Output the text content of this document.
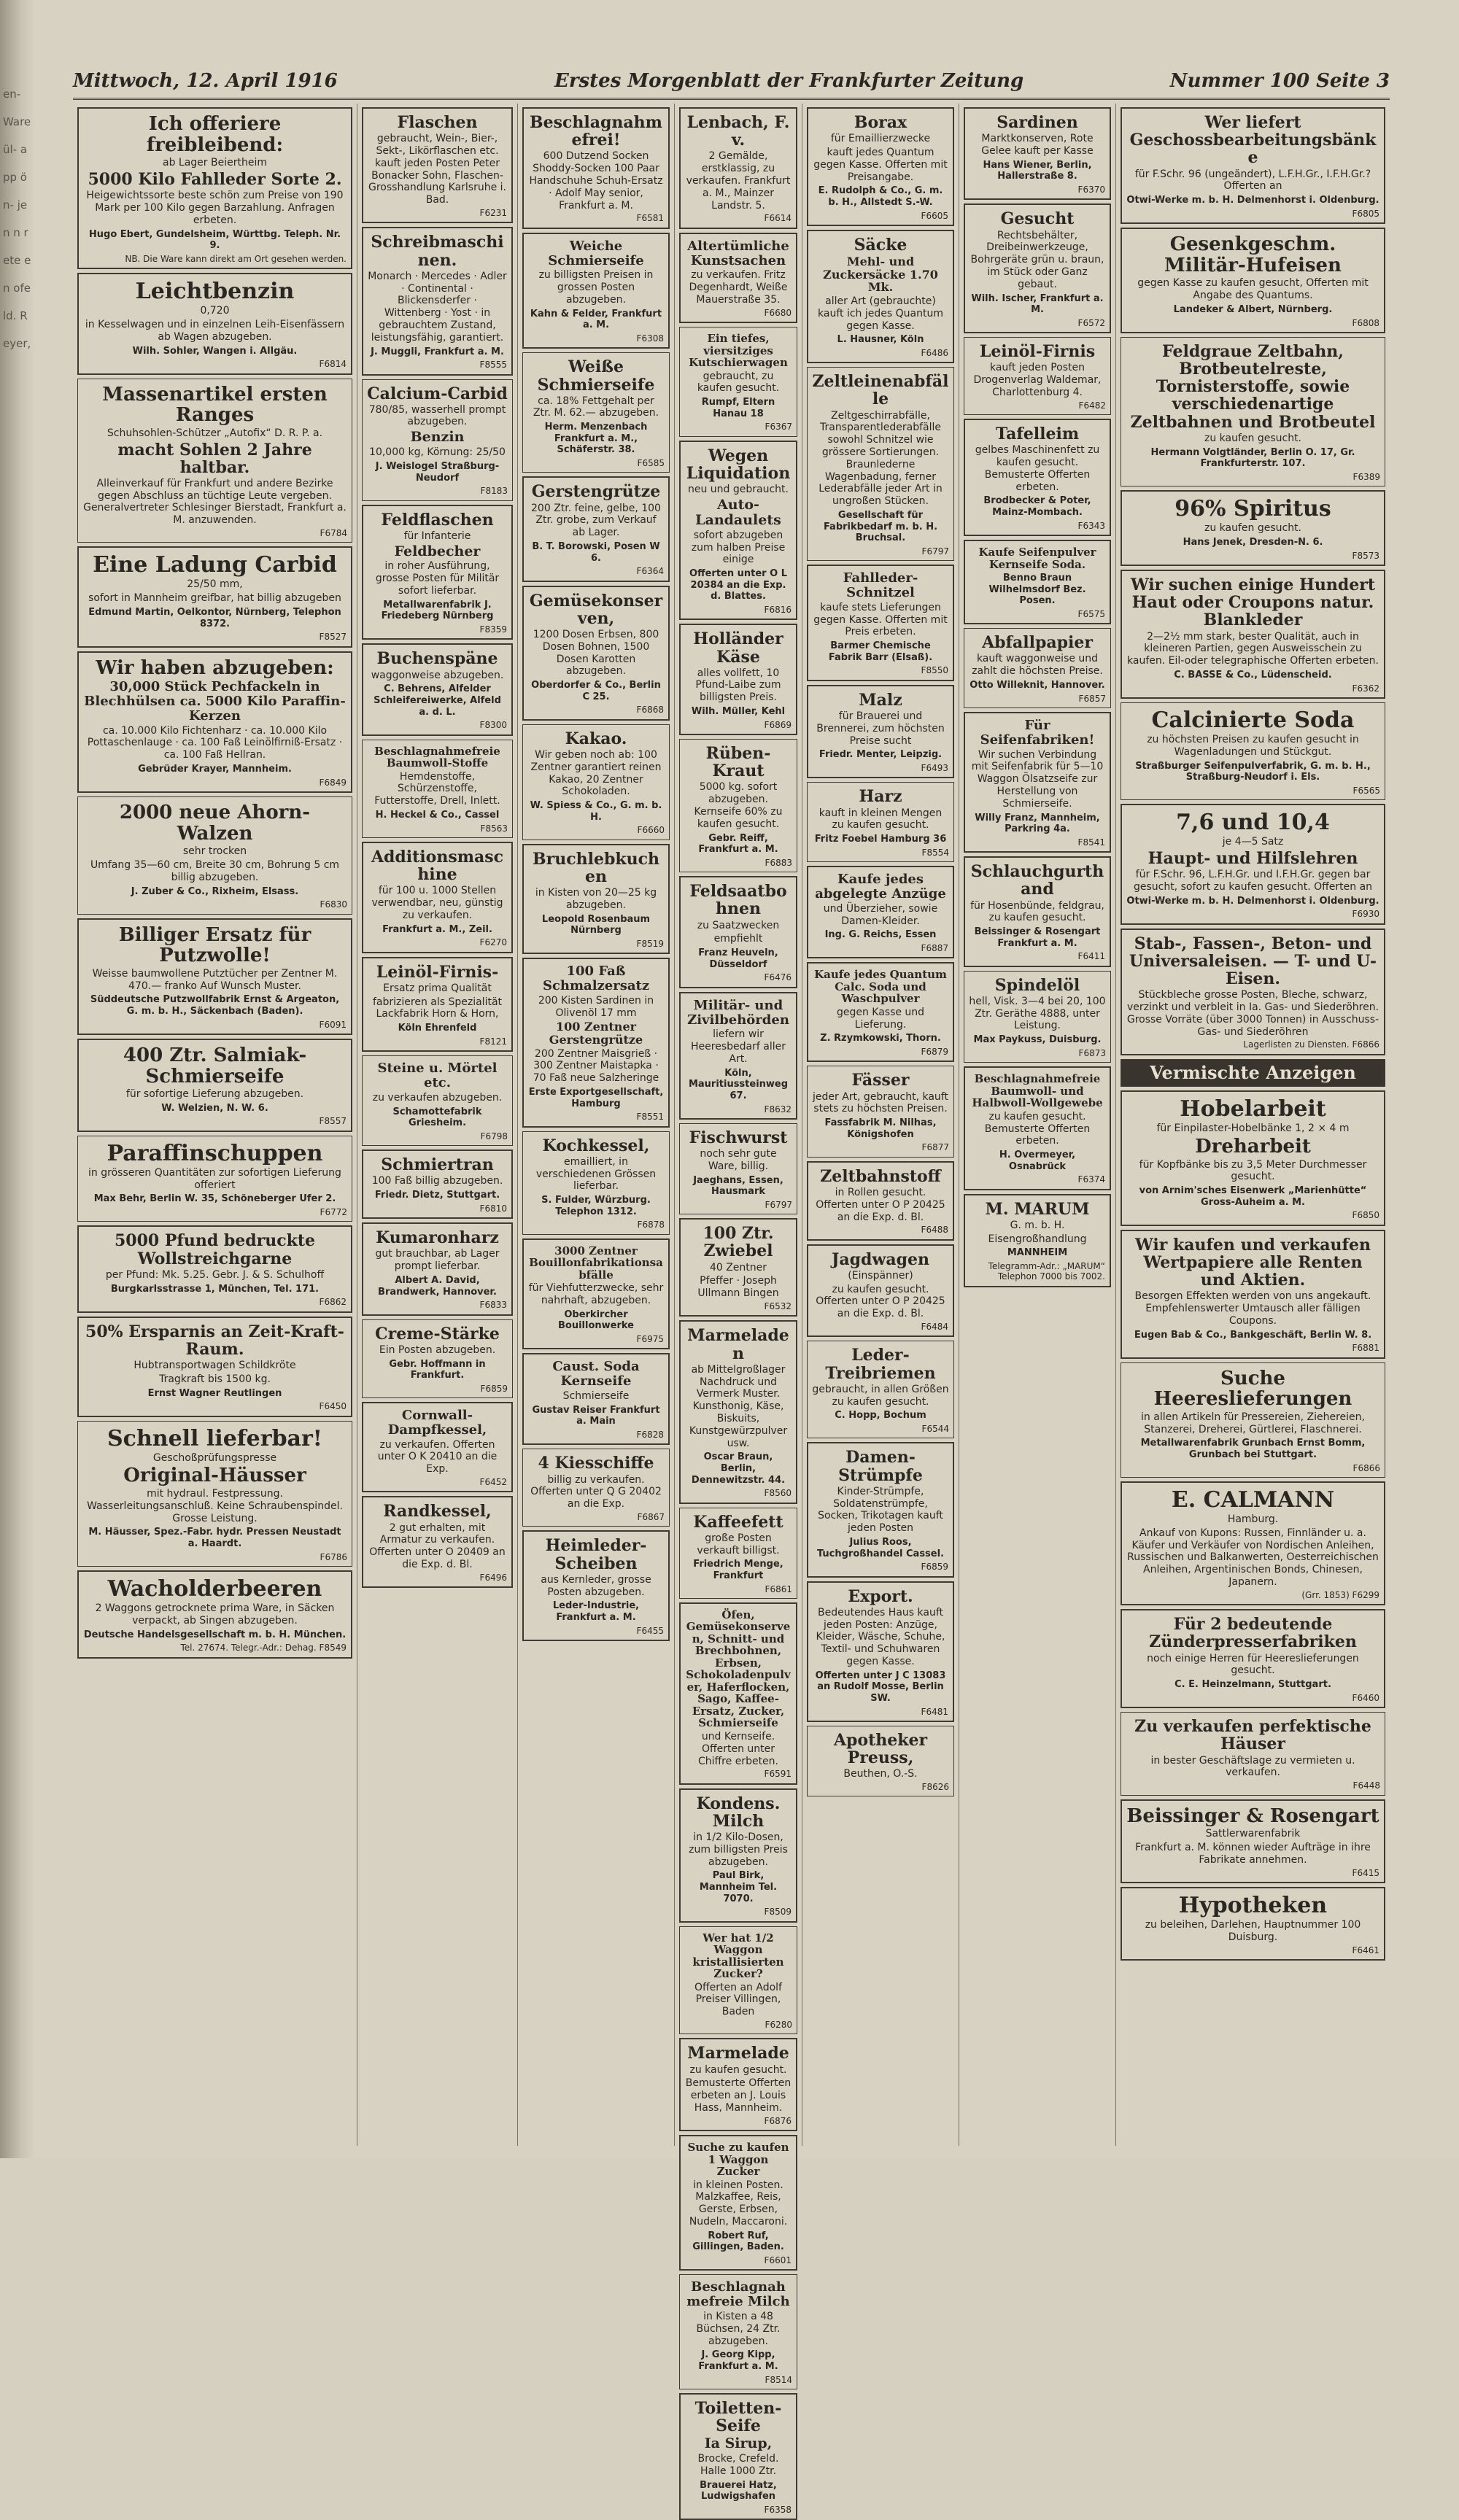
en- Ware ül- app ön- jen n rete en ofeld. R eyer,
Mittwoch, 12. April 1916	Erstes Morgenblatt der Frankfurter Zeitung	Nummer 100 Seite 3
Ich offeriere freibleibend:
ab Lager Beiertheim
5000 Kilo Fahlleder Sorte 2.
Heigewichtssorte beste schön zum Preise von 190 Mark per 100 Kilo gegen Barzahlung. Anfragen erbeten.
Hugo Ebert, Gundelsheim, Württbg. Teleph. Nr. 9.
NB. Die Ware kann direkt am Ort gesehen werden.
Leichtbenzin
0,720
in Kesselwagen und in einzelnen Leih-Eisenfässern ab Wagen abzugeben.
Wilh. Sohler, Wangen i. Allgäu.
F6814
Massenartikel ersten Ranges
Schuhsohlen-Schützer „Autofix“ D. R. P. a.
macht Sohlen 2 Jahre haltbar.
Alleinverkauf für Frankfurt und andere Bezirke gegen Abschluss an tüchtige Leute vergeben. Generalvertreter Schlesinger Bierstadt, Frankfurt a. M. anzuwenden.
F6784
Eine Ladung Carbid
25/50 mm,
sofort in Mannheim greifbar, hat billig abzugeben
Edmund Martin, Oelkontor, Nürnberg, Telephon 8372.
F8527
Wir haben abzugeben:
30,000 Stück Pechfackeln in Blechhülsen ca. 5000 Kilo Paraffin-Kerzen
ca. 10.000 Kilo Fichtenharz · ca. 10.000 Kilo Pottaschenlauge · ca. 100 Faß Leinölfirniß-Ersatz · ca. 100 Faß Hellran.
Gebrüder Krayer, Mannheim.
F6849
2000 neue Ahorn-Walzen
sehr trocken
Umfang 35—60 cm, Breite 30 cm, Bohrung 5 cm billig abzugeben.
J. Zuber & Co., Rixheim, Elsass.
F6830
Billiger Ersatz für Putzwolle!
Weisse baumwollene Putztücher per Zentner M. 470.— franko Auf Wunsch Muster.
Süddeutsche Putzwollfabrik Ernst & Argeaton, G. m. b. H., Säckenbach (Baden).
F6091
400 Ztr. Salmiak-Schmierseife
für sofortige Lieferung abzugeben.
W. Welzien, N. W. 6.
F8557
Paraffinschuppen
in grösseren Quantitäten zur sofortigen Lieferung offeriert
Max Behr, Berlin W. 35, Schöneberger Ufer 2.
F6772
5000 Pfund bedruckte Wollstreichgarne
per Pfund: Mk. 5.25. Gebr. J. & S. Schulhoff
Burgkarlsstrasse 1, München, Tel. 171.
F6862
50% Ersparnis an Zeit-Kraft-Raum.
Hubtransportwagen Schildkröte
Tragkraft bis 1500 kg.
Ernst Wagner Reutlingen
F6450
Schnell lieferbar!
Geschoßprüfungspresse
Original-Häusser
mit hydraul. Festpressung. Wasserleitungsanschluß. Keine Schraubenspindel. Grosse Leistung.
M. Häusser, Spez.-Fabr. hydr. Pressen Neustadt a. Haardt.
F6786
Wacholderbeeren
2 Waggons getrocknete prima Ware, in Säcken verpackt, ab Singen abzugeben.
Deutsche Handelsgesellschaft m. b. H. München.
Tel. 27674. Telegr.-Adr.: Dehag. F8549
Flaschen
gebraucht, Wein-, Bier-, Sekt-, Likörflaschen etc. kauft jeden Posten Peter Bonacker Sohn, Flaschen-Grosshandlung Karlsruhe i. Bad.
F6231
Schreibmaschinen.
Monarch · Mercedes · Adler · Continental · Blickensderfer · Wittenberg · Yost · in gebrauchtem Zustand, leistungsfähig, garantiert.
J. Muggli, Frankfurt a. M.
F8555
Calcium-Carbid
780/85, wasserhell prompt abzugeben.
Benzin
10,000 kg, Körnung: 25/50
J. Weislogel Straßburg-Neudorf
F8183
Feldflaschen
für Infanterie
Feldbecher
in roher Ausführung, grosse Posten für Militär sofort lieferbar.
Metallwarenfabrik J. Friedeberg Nürnberg
F8359
Buchenspäne
waggonweise abzugeben.
C. Behrens, Alfelder Schleifereiwerke, Alfeld a. d. L.
F8300
Beschlagnahmefreie Baumwoll-Stoffe
Hemdenstoffe, Schürzenstoffe, Futterstoffe, Drell, Inlett.
H. Heckel & Co., Cassel
F8563
Additionsmaschine
für 100 u. 1000 Stellen verwendbar, neu, günstig zu verkaufen.
Frankfurt a. M., Zeil.
F6270
Leinöl-Firnis-
Ersatz prima Qualität
fabrizieren als Spezialität Lackfabrik Horn & Horn,
Köln Ehrenfeld
F8121
Steine u. Mörtel etc.
zu verkaufen abzugeben.
Schamottefabrik Griesheim.
F6798
Schmiertran
100 Faß billig abzugeben.
Friedr. Dietz, Stuttgart.
F6810
Kumaronharz
gut brauchbar, ab Lager prompt lieferbar.
Albert A. David, Brandwerk, Hannover.
F6833
Creme-Stärke
Ein Posten abzugeben.
Gebr. Hoffmann in Frankfurt.
F6859
Cornwall-Dampfkessel,
zu verkaufen. Offerten unter O K 20410 an die Exp.
F6452
Randkessel,
2 gut erhalten, mit Armatur zu verkaufen. Offerten unter O 20409 an die Exp. d. Bl.
F6496
Beschlagnahmefrei!
600 Dutzend Socken Shoddy-Socken 100 Paar Handschuhe Schuh-Ersatz · Adolf May senior, Frankfurt a. M.
F6581
Weiche Schmierseife
zu billigsten Preisen in grossen Posten abzugeben.
Kahn & Felder, Frankfurt a. M.
F6308
Weiße Schmierseife
ca. 18% Fettgehalt per Ztr. M. 62.— abzugeben.
Herm. Menzenbach Frankfurt a. M., Schäferstr. 38.
F6585
Gerstengrütze
200 Ztr. feine, gelbe, 100 Ztr. grobe, zum Verkauf ab Lager.
B. T. Borowski, Posen W 6.
F6364
Gemüsekonserven,
1200 Dosen Erbsen, 800 Dosen Bohnen, 1500 Dosen Karotten abzugeben.
Oberdorfer & Co., Berlin C 25.
F6868
Kakao.
Wir geben noch ab: 100 Zentner garantiert reinen Kakao, 20 Zentner Schokoladen.
W. Spiess & Co., G. m. b. H.
F6660
Bruchlebkuchen
in Kisten von 20—25 kg abzugeben.
Leopold Rosenbaum Nürnberg
F8519
100 Faß Schmalzersatz
200 Kisten Sardinen in Olivenöl 17 mm
100 Zentner Gerstengrütze
200 Zentner Maisgrieß · 300 Zentner Maistapka · 70 Faß neue Salzheringe
Erste Exportgesellschaft, Hamburg
F8551
Kochkessel,
emailliert, in verschiedenen Grössen lieferbar.
S. Fulder, Würzburg. Telephon 1312.
F6878
3000 Zentner Bouillonfabrikationsabfälle
für Viehfutterzwecke, sehr nahrhaft, abzugeben.
Oberkircher Bouillonwerke
F6975
Caust. Soda Kernseife
Schmierseife
Gustav Reiser Frankfurt a. Main
F6828
4 Kiesschiffe
billig zu verkaufen. Offerten unter Q G 20402 an die Exp.
F6867
Heimleder-Scheiben
aus Kernleder, grosse Posten abzugeben.
Leder-Industrie, Frankfurt a. M.
F6455
Lenbach, F. v.
2 Gemälde, erstklassig, zu verkaufen. Frankfurt a. M., Mainzer Landstr. 5.
F6614
Altertümliche Kunstsachen
zu verkaufen. Fritz Degenhardt, Weiße Mauerstraße 35.
F6680
Ein tiefes, viersitziges Kutschierwagen
gebraucht, zu kaufen gesucht.
Rumpf, Eltern Hanau 18
F6367
Wegen Liquidation
neu und gebraucht.
Auto-Landaulets
sofort abzugeben zum halben Preise einige
Offerten unter O L 20384 an die Exp. d. Blattes.
F6816
Holländer Käse
alles vollfett, 10 Pfund-Laibe zum billigsten Preis.
Wilh. Müller, Kehl
F6869
Rüben-Kraut
5000 kg. sofort abzugeben. Kernseife 60% zu kaufen gesucht.
Gebr. Reiff, Frankfurt a. M.
F6883
Feldsaatbohnen
zu Saatzwecken
empfiehlt
Franz Heuveln, Düsseldorf
F6476
Militär- und Zivilbehörden
liefern wir Heeresbedarf aller Art.
Köln, Mauritiussteinweg 67.
F8632
Fischwurst
noch sehr gute Ware, billig.
Jaeghans, Essen, Hausmark
F6797
100 Ztr. Zwiebel
40 Zentner
Pfeffer · Joseph Ullmann Bingen
F6532
Marmeladen
ab Mittelgroßlager Nachdruck und Vermerk Muster. Kunsthonig, Käse, Biskuits, Kunstgewürzpulver usw.
Oscar Braun, Berlin, Dennewitzstr. 44.
F8560
Kaffeefett
große Posten verkauft billigst.
Friedrich Menge, Frankfurt
F6861
Öfen, Gemüsekonserven, Schnitt- und Brechbohnen, Erbsen, Schokoladenpulver, Haferflocken, Sago, Kaffee-Ersatz, Zucker, Schmierseife
und Kernseife. Offerten unter Chiffre erbeten.
F6591
Kondens. Milch
in 1/2 Kilo-Dosen, zum billigsten Preis abzugeben.
Paul Birk, Mannheim Tel. 7070.
F8509
Wer hat 1/2 Waggon kristallisierten Zucker?
Offerten an Adolf Preiser Villingen, Baden
F6280
Marmelade
zu kaufen gesucht.
Bemusterte Offerten erbeten an J. Louis Hass, Mannheim.
F6876
Suche zu kaufen 1 Waggon Zucker
in kleinen Posten. Malzkaffee, Reis, Gerste, Erbsen, Nudeln, Maccaroni.
Robert Ruf, Gillingen, Baden.
F6601
Beschlagnahmefreie Milch
in Kisten a 48 Büchsen, 24 Ztr. abzugeben.
J. Georg Kipp, Frankfurt a. M.
F8514
Toiletten-Seife
Ia Sirup,
Brocke, Crefeld. Halle 1000 Ztr.
Brauerei Hatz, Ludwigshafen
F6358
Borax
für Emaillierzwecke
kauft jedes Quantum gegen Kasse. Offerten mit Preisangabe.
E. Rudolph & Co., G. m. b. H., Allstedt S.-W.
F6605
Säcke
Mehl- und Zuckersäcke 1.70 Mk.
aller Art (gebrauchte) kauft ich jedes Quantum gegen Kasse.
L. Hausner, Köln
F6486
Zeltleinenabfälle
Zeltgeschirrabfälle, Transparentlederabfälle sowohl Schnitzel wie grössere Sortierungen. Braunlederne Wagenbadung, ferner Lederabfälle jeder Art in ungroßen Stücken.
Gesellschaft für Fabrikbedarf m. b. H. Bruchsal.
F6797
Fahlleder-Schnitzel
kaufe stets Lieferungen gegen Kasse. Offerten mit Preis erbeten.
Barmer Chemische Fabrik Barr (Elsaß).
F8550
Malz
für Brauerei und Brennerei, zum höchsten Preise sucht
Friedr. Menter, Leipzig.
F6493
Harz
kauft in kleinen Mengen zu kaufen gesucht.
Fritz Foebel Hamburg 36
F8554
Kaufe jedes abgelegte Anzüge
und Überzieher, sowie Damen-Kleider.
Ing. G. Reichs, Essen
F6887
Kaufe jedes Quantum Calc. Soda und Waschpulver
gegen Kasse und Lieferung.
Z. Rzymkowski, Thorn.
F6879
Fässer
jeder Art, gebraucht, kauft stets zu höchsten Preisen.
Fassfabrik M. Nilhas, Königshofen
F6877
Zeltbahnstoff
in Rollen gesucht. Offerten unter O P 20425 an die Exp. d. Bl.
F6488
Jagdwagen
(Einspänner)
zu kaufen gesucht. Offerten unter O P 20425 an die Exp. d. Bl.
F6484
Leder-Treibriemen
gebraucht, in allen Größen zu kaufen gesucht.
C. Hopp, Bochum
F6544
Damen-Strümpfe
Kinder-Strümpfe, Soldatenstrümpfe, Socken, Trikotagen kauft jeden Posten
Julius Roos, Tuchgroßhandel Cassel.
F6859
Export.
Bedeutendes Haus kauft jeden Posten: Anzüge, Kleider, Wäsche, Schuhe, Textil- und Schuhwaren gegen Kasse.
Offerten unter J C 13083 an Rudolf Mosse, Berlin SW.
F6481
Apotheker Preuss,
Beuthen, O.-S.
F8626
Sardinen
Marktkonserven, Rote Gelee kauft per Kasse
Hans Wiener, Berlin, Hallerstraße 8.
F6370
Gesucht
Rechtsbehälter, Dreibeinwerkzeuge, Bohrgeräte grün u. braun, im Stück oder Ganz gebaut.
Wilh. Ischer, Frankfurt a. M.
F6572
Leinöl-Firnis
kauft jeden Posten Drogenverlag Waldemar, Charlottenburg 4.
F6482
Tafelleim
gelbes Maschinenfett zu kaufen gesucht. Bemusterte Offerten erbeten.
Brodbecker & Poter, Mainz-Mombach.
F6343
Kaufe Seifenpulver Kernseife Soda.
Benno Braun Wilhelmsdorf Bez. Posen.
F6575
Abfallpapier
kauft waggonweise und zahlt die höchsten Preise.
Otto Willeknit, Hannover.
F6857
Für Seifenfabriken!
Wir suchen Verbindung mit Seifenfabrik für 5—10 Waggon Ölsatzseife zur Herstellung von Schmierseife.
Willy Franz, Mannheim, Parkring 4a.
F8541
Schlauchgurthand
für Hosenbünde, feldgrau, zu kaufen gesucht.
Beissinger & Rosengart Frankfurt a. M.
F6411
Spindelöl
hell, Visk. 3—4 bei 20, 100 Ztr. Geräthe 4888, unter Leistung.
Max Paykuss, Duisburg.
F6873
Beschlagnahmefreie Baumwoll- und Halbwoll-Wollgewebe
zu kaufen gesucht. Bemusterte Offerten erbeten.
H. Overmeyer, Osnabrück
F6374
M. MARUM
G. m. b. H.
Eisengroßhandlung
MANNHEIM
Telegramm-Adr.: „MARUM“ Telephon 7000 bis 7002.
Wer liefert Geschossbearbeitungsbänke
für F.Schr. 96 (ungeändert), L.F.H.Gr., I.F.H.Gr.? Offerten an
Otwi-Werke m. b. H. Delmenhorst i. Oldenburg.
F6805
Gesenkgeschm. Militär-Hufeisen
gegen Kasse zu kaufen gesucht, Offerten mit Angabe des Quantums.
Landeker & Albert, Nürnberg.
F6808
Feldgraue Zeltbahn, Brotbeutelreste, Tornisterstoffe, sowie verschiedenartige Zeltbahnen und Brotbeutel
zu kaufen gesucht.
Hermann Volgtländer, Berlin O. 17, Gr. Frankfurterstr. 107.
F6389
96% Spiritus
zu kaufen gesucht.
Hans Jenek, Dresden-N. 6.
F8573
Wir suchen einige Hundert Haut oder Croupons natur. Blankleder
2—2½ mm stark, bester Qualität, auch in kleineren Partien, gegen Ausweisschein zu kaufen. Eil-oder telegraphische Offerten erbeten.
C. BASSE & Co., Lüdenscheid.
F6362
Calcinierte Soda
zu höchsten Preisen zu kaufen gesucht in Wagenladungen und Stückgut.
Straßburger Seifenpulverfabrik, G. m. b. H., Straßburg-Neudorf i. Els.
F6565
7,6 und 10,4
je 4—5 Satz
Haupt- und Hilfslehren
für F.Schr. 96, L.F.H.Gr. und I.F.H.Gr. gegen bar gesucht, sofort zu kaufen gesucht. Offerten an
Otwi-Werke m. b. H. Delmenhorst i. Oldenburg.
F6930
Stab-, Fassen-, Beton- und Universaleisen. — T- und U-Eisen.
Stückbleche grosse Posten, Bleche, schwarz, verzinkt und verbleit in Ia. Gas- und Siederöhren. Grosse Vorräte (über 3000 Tonnen) in Ausschuss-Gas- und Siederöhren
Lagerlisten zu Diensten. F6866
Vermischte Anzeigen
Hobelarbeit
für Einpilaster-Hobelbänke 1, 2 × 4 m
Dreharbeit
für Kopfbänke bis zu 3,5 Meter Durchmesser gesucht.
von Arnim'sches Eisenwerk „Marienhütte“ Gross-Auheim a. M.
F6850
Wir kaufen und verkaufen Wertpapiere alle Renten und Aktien.
Besorgen Effekten werden von uns angekauft. Empfehlenswerter Umtausch aller fälligen Coupons.
Eugen Bab & Co., Bankgeschäft, Berlin W. 8.
F6881
Suche Heereslieferungen
in allen Artikeln für Pressereien, Ziehereien, Stanzerei, Dreherei, Gürtlerei, Flaschnerei.
Metallwarenfabrik Grunbach Ernst Bomm, Grunbach bei Stuttgart.
F6866
E. CALMANN
Hamburg.
Ankauf von Kupons: Russen, Finnländer u. a. Käufer und Verkäufer von Nordischen Anleihen, Russischen und Balkanwerten, Oesterreichischen Anleihen, Argentinischen Bonds, Chinesen, Japanern.
(Grr. 1853) F6299
Für 2 bedeutende Zünderpresserfabriken
noch einige Herren für Heereslieferungen gesucht.
C. E. Heinzelmann, Stuttgart.
F6460
Zu verkaufen perfektische Häuser
in bester Geschäftslage zu vermieten u. verkaufen.
F6448
Beissinger & Rosengart
Sattlerwarenfabrik
Frankfurt a. M. können wieder Aufträge in ihre Fabrikate annehmen.
F6415
Hypotheken
zu beleihen, Darlehen, Hauptnummer 100 Duisburg.
F6461
